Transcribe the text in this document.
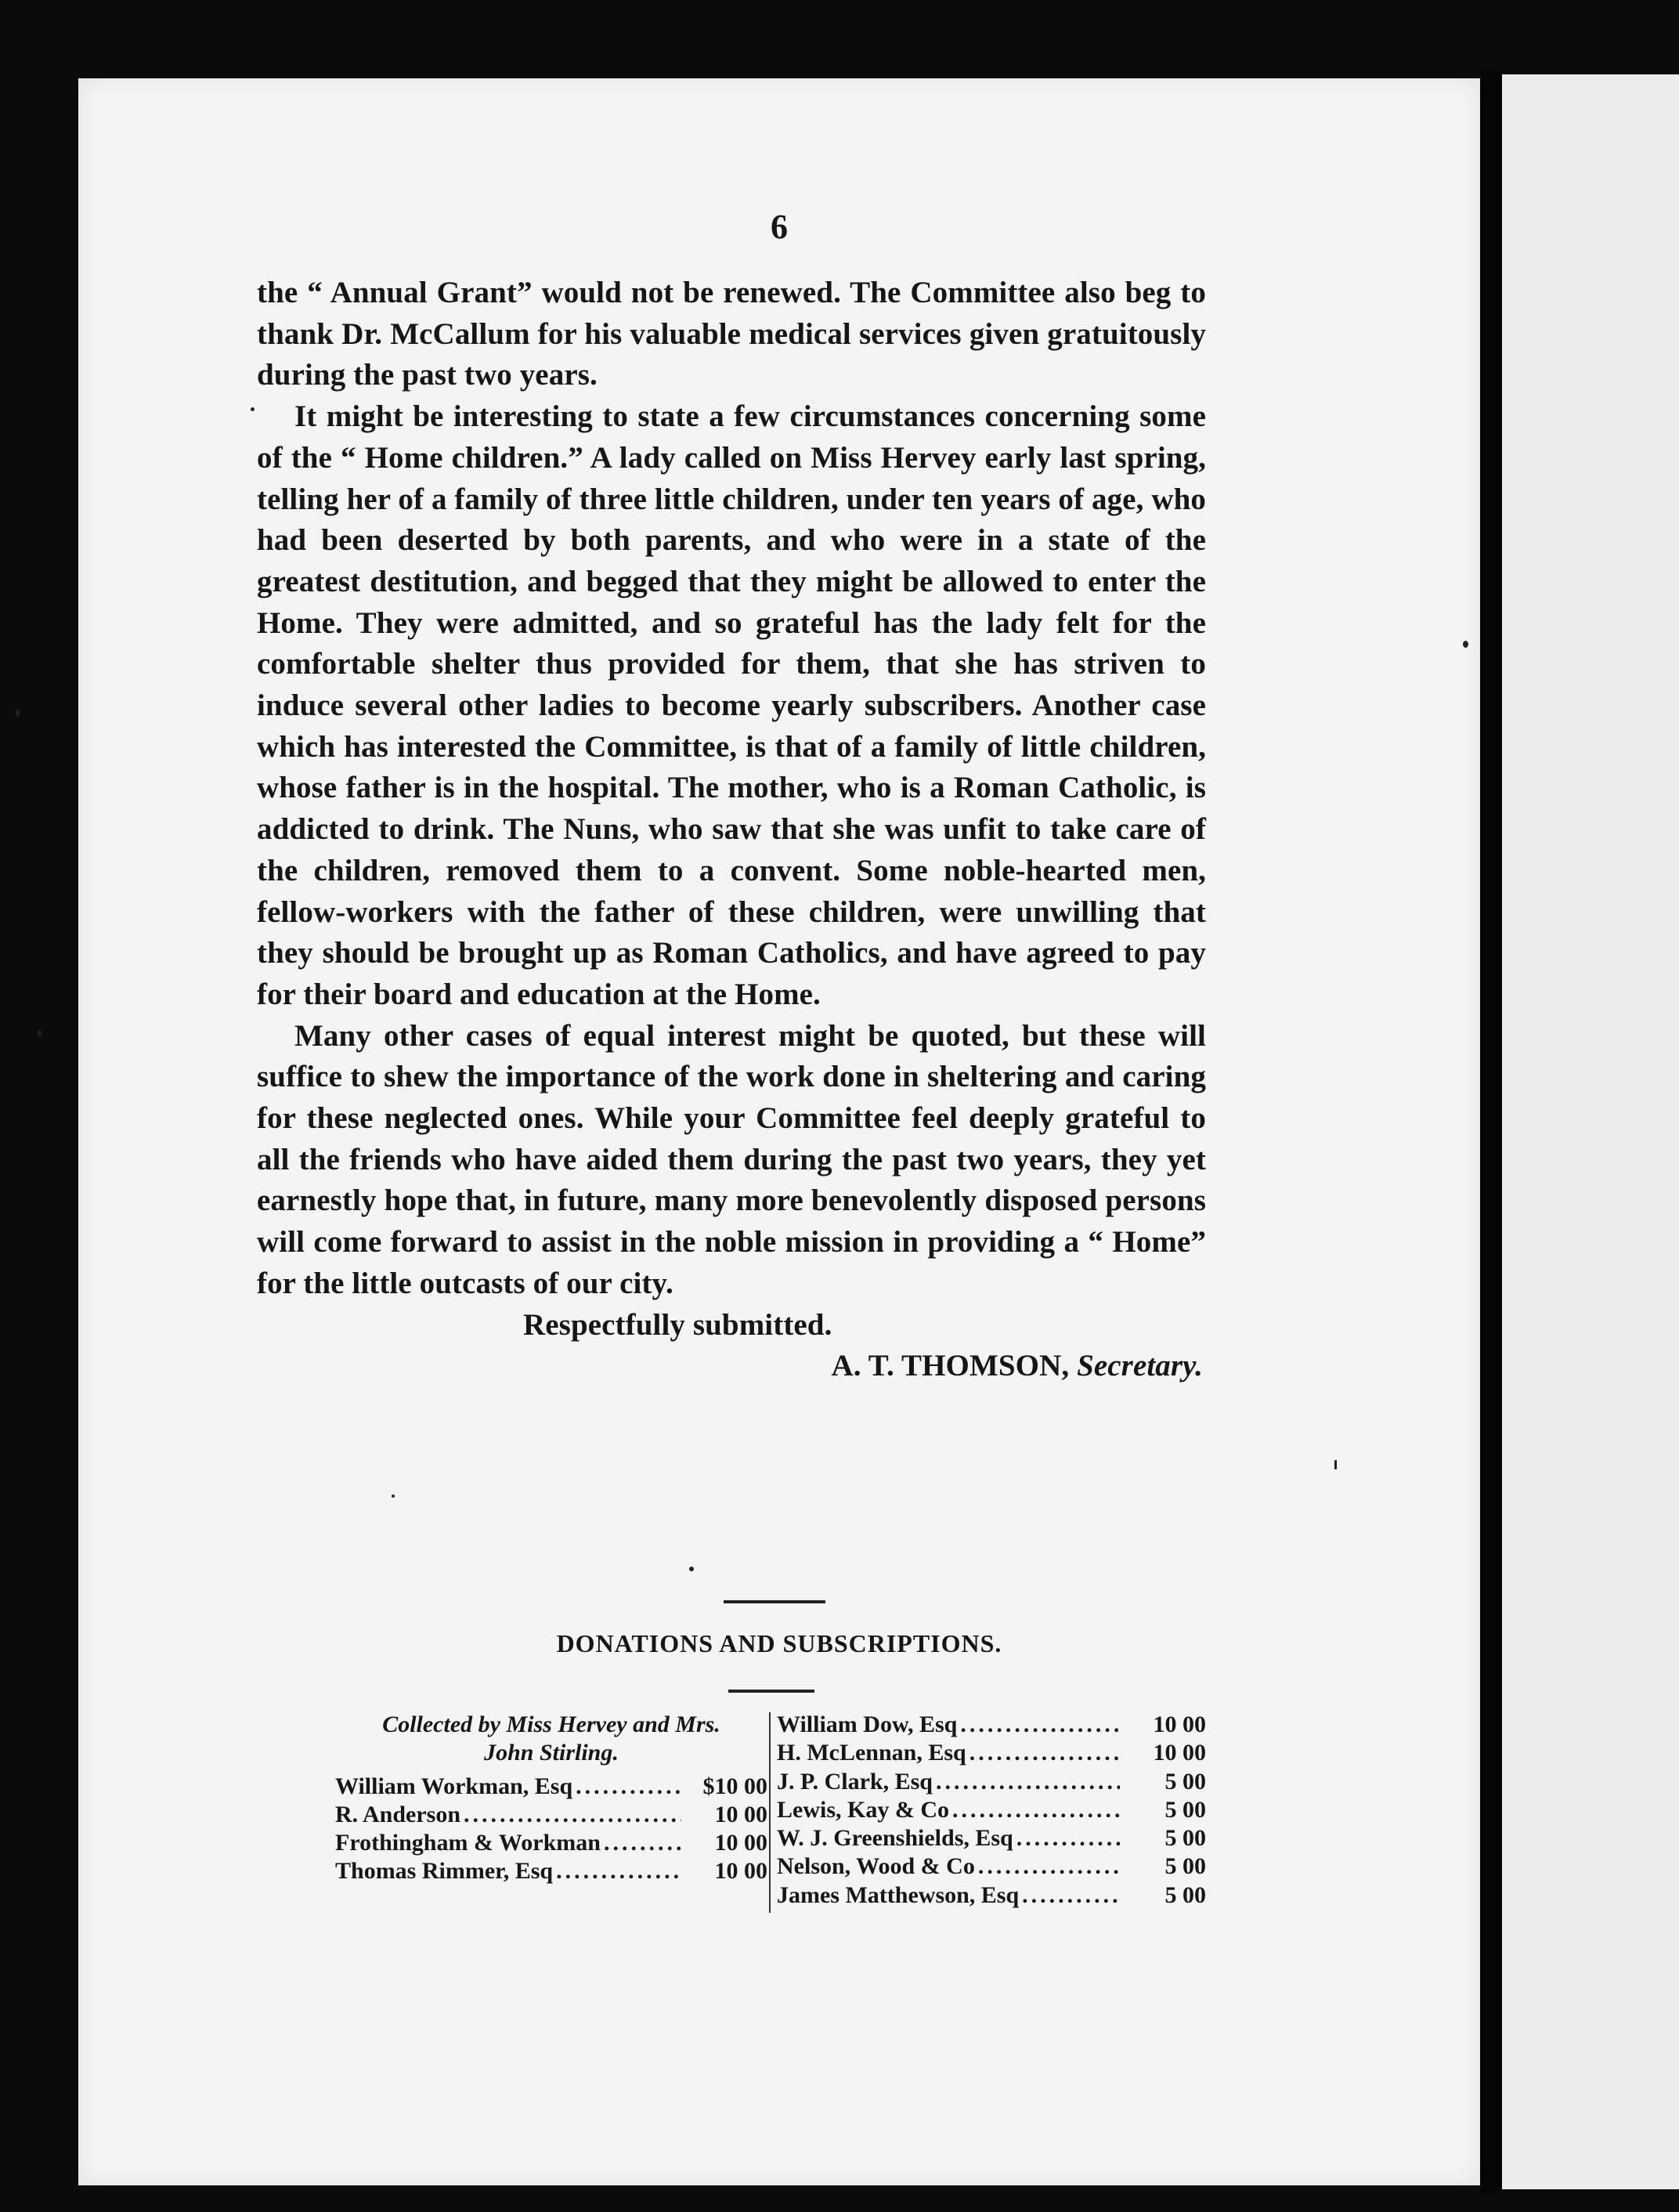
6

the “ Annual Grant” would not be renewed. The Committee also beg to thank Dr. McCallum for his valuable medical services given gratuitously during the past two years.

It might be interesting to state a few circumstances concerning some of the “ Home children.” A lady called on Miss Hervey early last spring, telling her of a family of three little children, under ten years of age, who had been deserted by both parents, and who were in a state of the greatest destitution, and begged that they might be allowed to enter the Home. They were admitted, and so grateful has the lady felt for the comfortable shelter thus provided for them, that she has striven to induce several other ladies to become yearly subscribers. Another case which has interested the Committee, is that of a family of little children, whose father is in the hospital. The mother, who is a Roman Catholic, is addicted to drink. The Nuns, who saw that she was unfit to take care of the children, removed them to a convent. Some noble-hearted men, fellow-workers with the father of these children, were unwilling that they should be brought up as Roman Catholics, and have agreed to pay for their board and education at the Home.

Many other cases of equal interest might be quoted, but these will suffice to shew the importance of the work done in sheltering and caring for these neglected ones. While your Committee feel deeply grateful to all the friends who have aided them during the past two years, they yet earnestly hope that, in future, many more benevolently disposed persons will come forward to assist in the noble mission in providing a “ Home” for the little outcasts of our city.

Respectfully submitted.

A. T. THOMSON, Secretary.

DONATIONS AND SUBSCRIPTIONS.
Collected by Miss Hervey and Mrs.
John Stirling.
William Workman, Esq .....	$10 00
R. Anderson .....	10 00
Frothingham & Workman .....	10 00
Thomas Rimmer, Esq .....	10 00
William Dow, Esq .....	10 00
H. McLennan, Esq .....	10 00
J. P. Clark, Esq .....	5 00
Lewis, Kay & Co .....	5 00
W. J. Greenshields, Esq .....	5 00
Nelson, Wood & Co .....	5 00
James Matthewson, Esq .....	5 00
